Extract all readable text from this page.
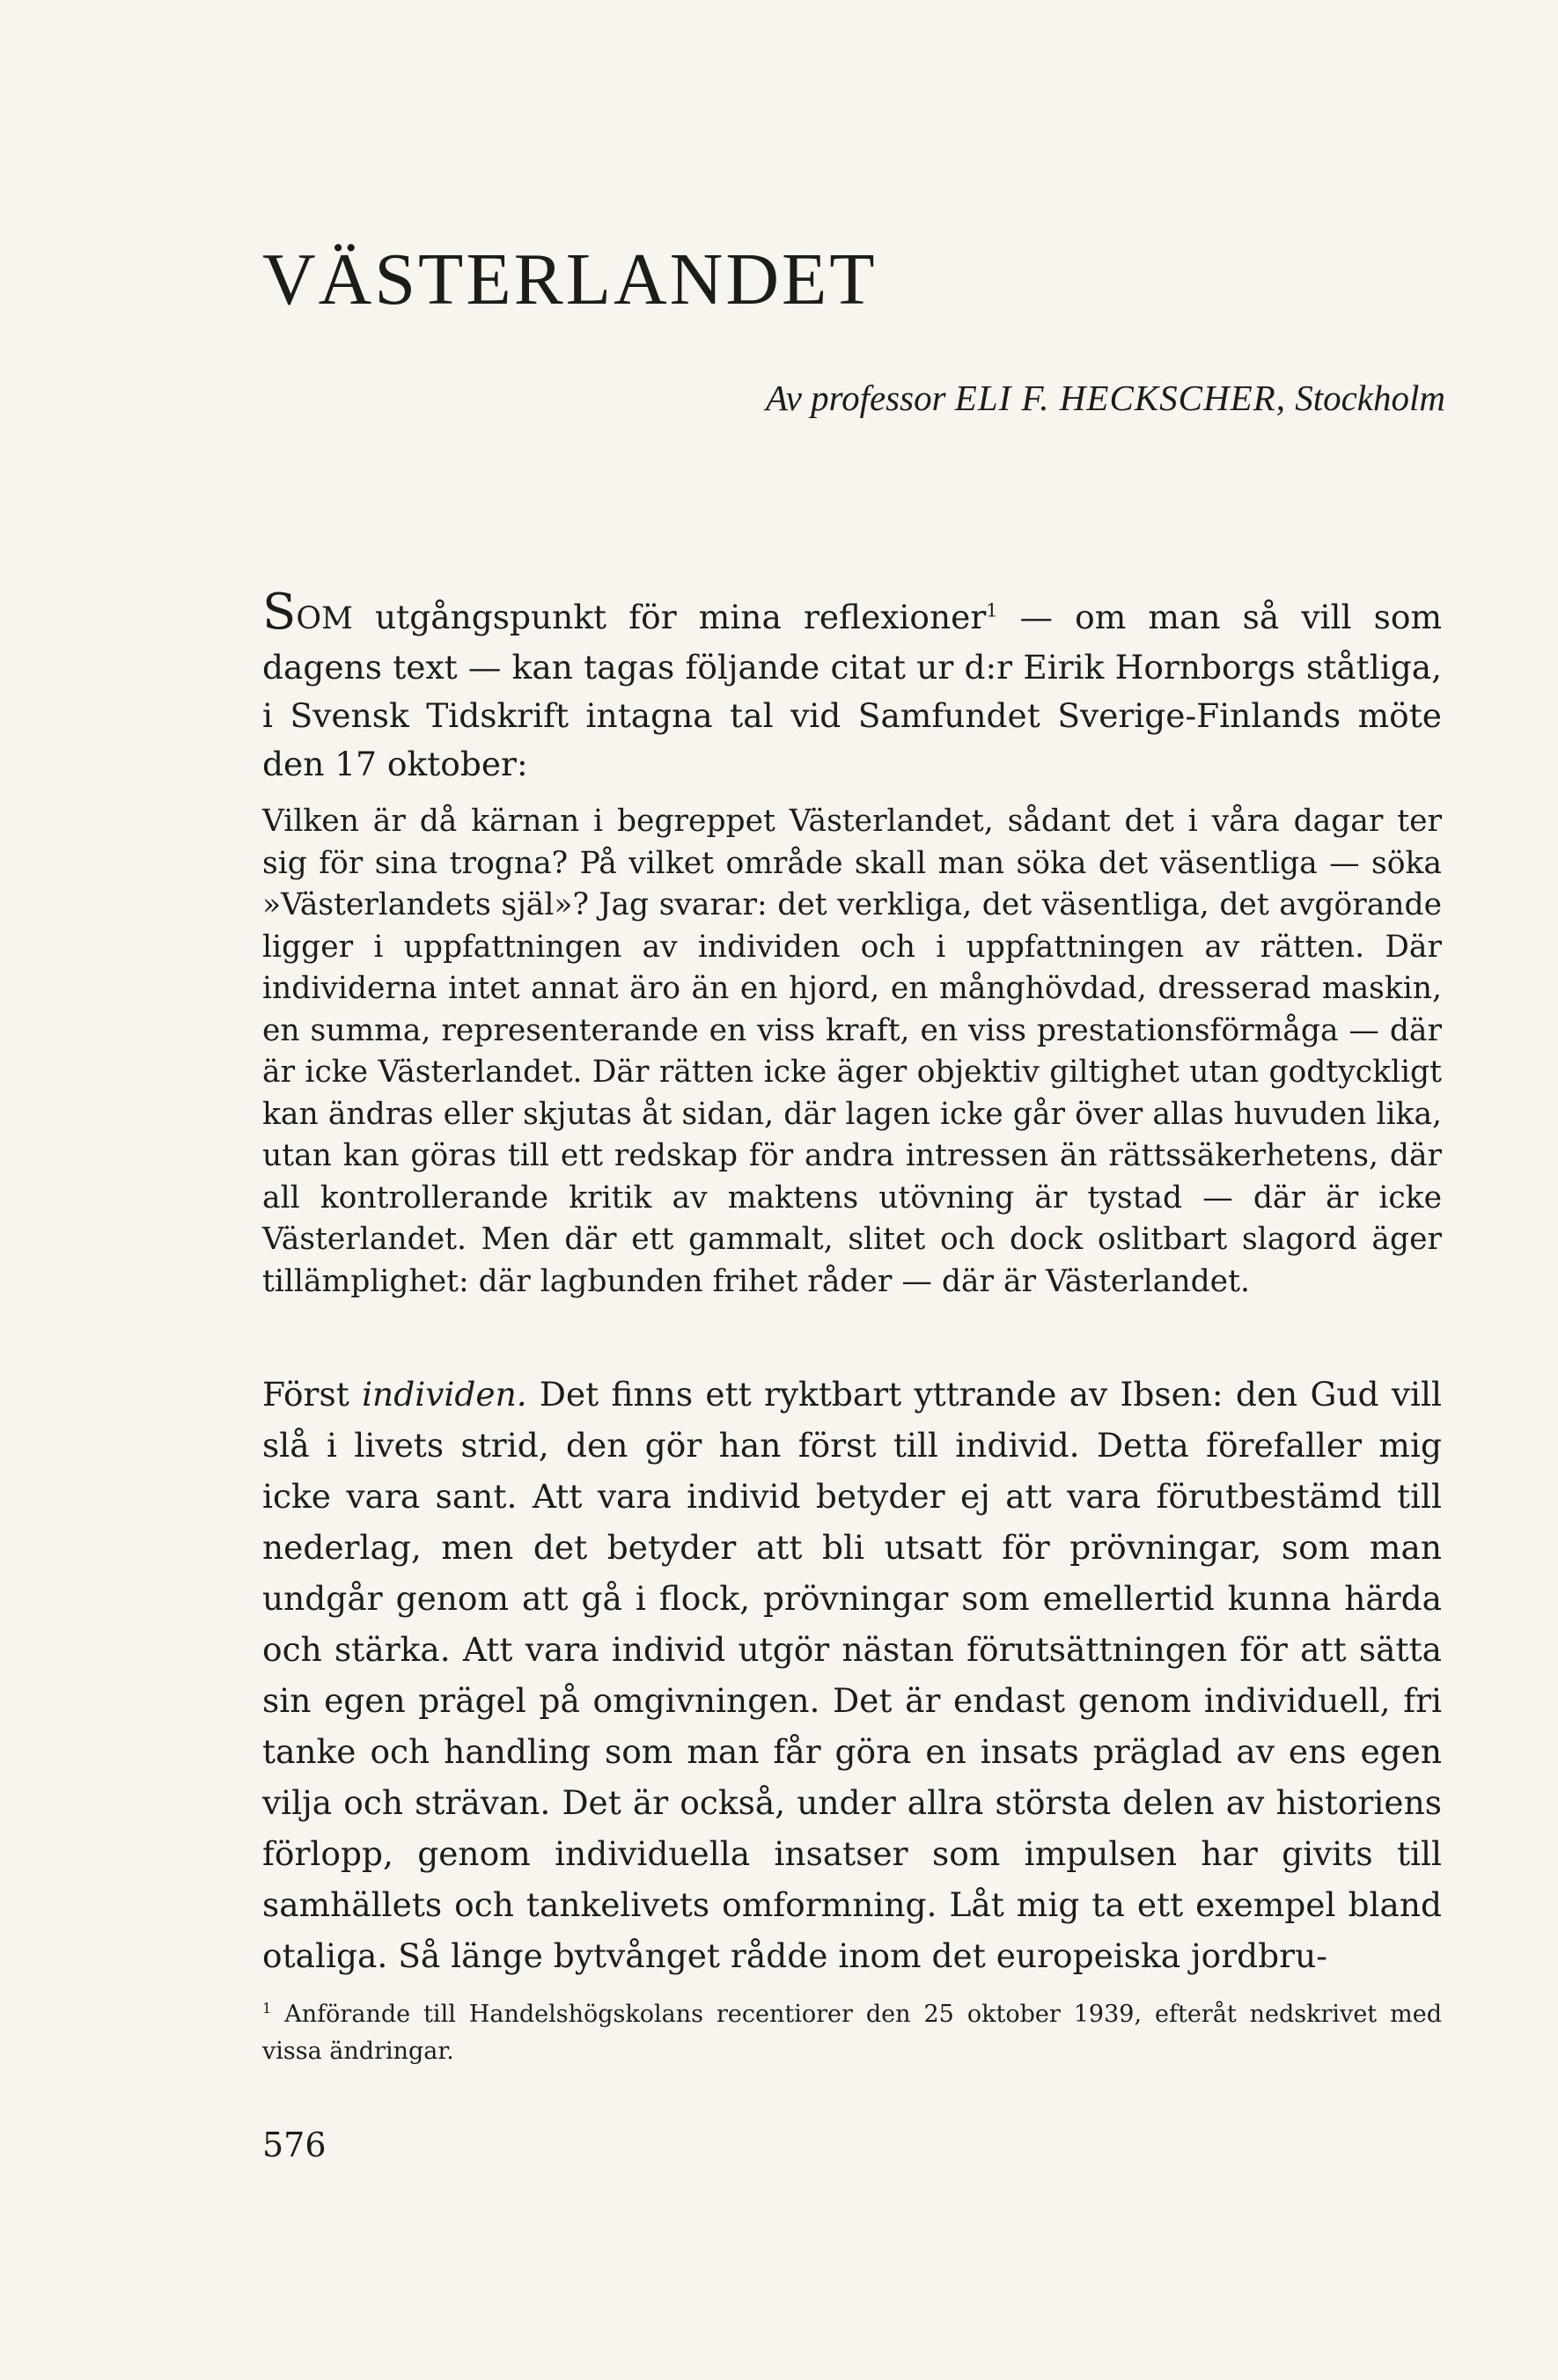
VÄSTERLANDET
Av professor ELI F. HECKSCHER, Stockholm

SOM utgångspunkt för mina reflexioner$^1$ — om man så vill som dagens text — kan tagas följande citat ur d:r Eirik Hornborgs ståtliga, i Svensk Tidskrift intagna tal vid Samfundet Sverige-Finlands möte den 17 oktober:

Vilken är då kärnan i begreppet Västerlandet, sådant det i våra dagar ter sig för sina trogna? På vilket område skall man söka det väsentliga — söka »Västerlandets själ»? Jag svarar: det verkliga, det väsentliga, det avgörande ligger i uppfattningen av individen och i uppfattningen av rätten. Där individerna intet annat äro än en hjord, en månghövdad, dresserad maskin, en summa, representerande en viss kraft, en viss prestationsförmåga — där är icke Västerlandet. Där rätten icke äger objektiv giltighet utan godtyckligt kan ändras eller skjutas åt sidan, där lagen icke går över allas huvuden lika, utan kan göras till ett redskap för andra intressen än rättssäkerhetens, där all kontrollerande kritik av maktens utövning är tystad — där är icke Västerlandet. Men där ett gammalt, slitet och dock oslitbart slagord äger tillämplighet: där lagbunden frihet råder — där är Västerlandet.

Först individen. Det finns ett ryktbart yttrande av Ibsen: den Gud vill slå i livets strid, den gör han först till individ. Detta förefaller mig icke vara sant. Att vara individ betyder ej att vara förutbestämd till nederlag, men det betyder att bli utsatt för prövningar, som man undgår genom att gå i flock, prövningar som emellertid kunna härda och stärka. Att vara individ utgör nästan förutsättningen för att sätta sin egen prägel på omgivningen. Det är endast genom individuell, fri tanke och handling som man får göra en insats präglad av ens egen vilja och strävan. Det är också, under allra största delen av historiens förlopp, genom individuella insatser som impulsen har givits till samhällets och tankelivets omformning. Låt mig ta ett exempel bland otaliga. Så länge bytvånget rådde inom det europeiska jordbru-

$^1$ Anförande till Handelshögskolans recentiorer den 25 oktober 1939, efteråt nedskrivet med vissa ändringar.

576
